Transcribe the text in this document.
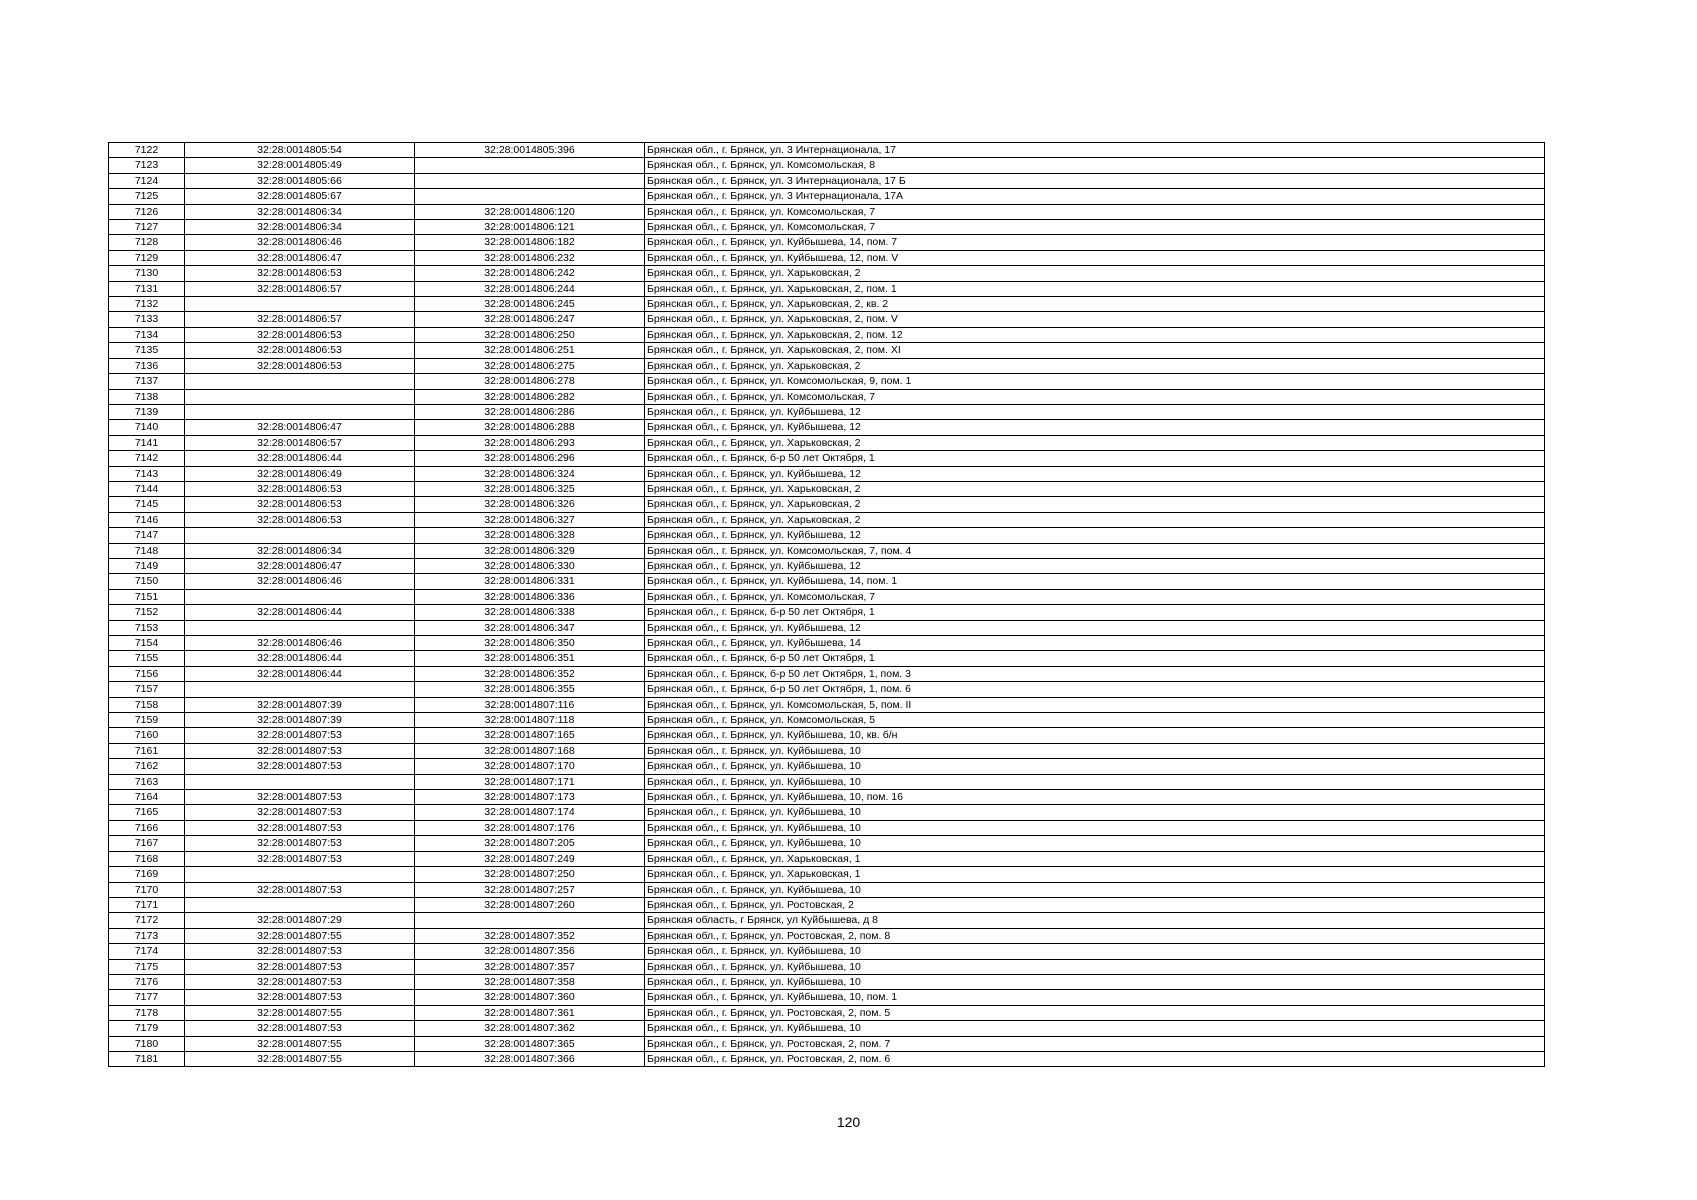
7122	32:28:0014805:54	32:28:0014805:396	Брянская обл., г. Брянск, ул. 3 Интернационала, 17
7123	32:28:0014805:49		Брянская обл., г. Брянск, ул. Комсомольская, 8
7124	32:28:0014805:66		Брянская обл., г. Брянск, ул. 3 Интернационала, 17 Б
7125	32:28:0014805:67		Брянская обл., г. Брянск, ул. 3 Интернационала, 17А
7126	32:28:0014806:34	32:28:0014806:120	Брянская обл., г. Брянск, ул. Комсомольская, 7
7127	32:28:0014806:34	32:28:0014806:121	Брянская обл., г. Брянск, ул. Комсомольская, 7
7128	32:28:0014806:46	32:28:0014806:182	Брянская обл., г. Брянск, ул. Куйбышева, 14, пом. 7
7129	32:28:0014806:47	32:28:0014806:232	Брянская обл., г. Брянск, ул. Куйбышева, 12, пом. V
7130	32:28:0014806:53	32:28:0014806:242	Брянская обл., г. Брянск, ул. Харьковская, 2
7131	32:28:0014806:57	32:28:0014806:244	Брянская обл., г. Брянск, ул. Харьковская, 2, пом. 1
7132		32:28:0014806:245	Брянская обл., г. Брянск, ул. Харьковская, 2, кв. 2
7133	32:28:0014806:57	32:28:0014806:247	Брянская обл., г. Брянск, ул. Харьковская, 2, пом. V
7134	32:28:0014806:53	32:28:0014806:250	Брянская обл., г. Брянск, ул. Харьковская, 2, пом. 12
7135	32:28:0014806:53	32:28:0014806:251	Брянская обл., г. Брянск, ул. Харьковская, 2, пом. XI
7136	32:28:0014806:53	32:28:0014806:275	Брянская обл., г. Брянск, ул. Харьковская, 2
7137		32:28:0014806:278	Брянская обл., г. Брянск, ул. Комсомольская, 9, пом. 1
7138		32:28:0014806:282	Брянская обл., г. Брянск, ул. Комсомольская, 7
7139		32:28:0014806:286	Брянская обл., г. Брянск, ул. Куйбышева, 12
7140	32:28:0014806:47	32:28:0014806:288	Брянская обл., г. Брянск, ул. Куйбышева, 12
7141	32:28:0014806:57	32:28:0014806:293	Брянская обл., г. Брянск, ул. Харьковская, 2
7142	32:28:0014806:44	32:28:0014806:296	Брянская обл., г. Брянск, б-р 50 лет Октября, 1
7143	32:28:0014806:49	32:28:0014806:324	Брянская обл., г. Брянск, ул. Куйбышева, 12
7144	32:28:0014806:53	32:28:0014806:325	Брянская обл., г. Брянск, ул. Харьковская, 2
7145	32:28:0014806:53	32:28:0014806:326	Брянская обл., г. Брянск, ул. Харьковская, 2
7146	32:28:0014806:53	32:28:0014806:327	Брянская обл., г. Брянск, ул. Харьковская, 2
7147		32:28:0014806:328	Брянская обл., г. Брянск, ул. Куйбышева, 12
7148	32:28:0014806:34	32:28:0014806:329	Брянская обл., г. Брянск, ул. Комсомольская, 7, пом. 4
7149	32:28:0014806:47	32:28:0014806:330	Брянская обл., г. Брянск, ул. Куйбышева, 12
7150	32:28:0014806:46	32:28:0014806:331	Брянская обл., г. Брянск, ул. Куйбышева, 14, пом. 1
7151		32:28:0014806:336	Брянская обл., г. Брянск, ул. Комсомольская, 7
7152	32:28:0014806:44	32:28:0014806:338	Брянская обл., г. Брянск, б-р 50 лет Октября, 1
7153		32:28:0014806:347	Брянская обл., г. Брянск, ул. Куйбышева, 12
7154	32:28:0014806:46	32:28:0014806:350	Брянская обл., г. Брянск, ул. Куйбышева, 14
7155	32:28:0014806:44	32:28:0014806:351	Брянская обл., г. Брянск, б-р 50 лет Октября, 1
7156	32:28:0014806:44	32:28:0014806:352	Брянская обл., г. Брянск, б-р 50 лет Октября, 1, пом. 3
7157		32:28:0014806:355	Брянская обл., г. Брянск, б-р 50 лет Октября, 1, пом. 6
7158	32:28:0014807:39	32:28:0014807:116	Брянская обл., г. Брянск, ул. Комсомольская, 5, пом. II
7159	32:28:0014807:39	32:28:0014807:118	Брянская обл., г. Брянск, ул. Комсомольская, 5
7160	32:28:0014807:53	32:28:0014807:165	Брянская обл., г. Брянск, ул. Куйбышева, 10, кв. б/н
7161	32:28:0014807:53	32:28:0014807:168	Брянская обл., г. Брянск, ул. Куйбышева, 10
7162	32:28:0014807:53	32:28:0014807:170	Брянская обл., г. Брянск, ул. Куйбышева, 10
7163		32:28:0014807:171	Брянская обл., г. Брянск, ул. Куйбышева, 10
7164	32:28:0014807:53	32:28:0014807:173	Брянская обл., г. Брянск, ул. Куйбышева, 10, пом. 16
7165	32:28:0014807:53	32:28:0014807:174	Брянская обл., г. Брянск, ул. Куйбышева, 10
7166	32:28:0014807:53	32:28:0014807:176	Брянская обл., г. Брянск, ул. Куйбышева, 10
7167	32:28:0014807:53	32:28:0014807:205	Брянская обл., г. Брянск, ул. Куйбышева, 10
7168	32:28:0014807:53	32:28:0014807:249	Брянская обл., г. Брянск, ул. Харьковская, 1
7169		32:28:0014807:250	Брянская обл., г. Брянск, ул. Харьковская, 1
7170	32:28:0014807:53	32:28:0014807:257	Брянская обл., г. Брянск, ул. Куйбышева, 10
7171		32:28:0014807:260	Брянская обл., г. Брянск, ул. Ростовская, 2
7172	32:28:0014807:29		Брянская область, г Брянск, ул Куйбышева, д 8
7173	32:28:0014807:55	32:28:0014807:352	Брянская обл., г. Брянск, ул. Ростовская, 2, пом. 8
7174	32:28:0014807:53	32:28:0014807:356	Брянская обл., г. Брянск, ул. Куйбышева, 10
7175	32:28:0014807:53	32:28:0014807:357	Брянская обл., г. Брянск, ул. Куйбышева, 10
7176	32:28:0014807:53	32:28:0014807:358	Брянская обл., г. Брянск, ул. Куйбышева, 10
7177	32:28:0014807:53	32:28:0014807:360	Брянская обл., г. Брянск, ул. Куйбышева, 10, пом. 1
7178	32:28:0014807:55	32:28:0014807:361	Брянская обл., г. Брянск, ул. Ростовская, 2, пом. 5
7179	32:28:0014807:53	32:28:0014807:362	Брянская обл., г. Брянск, ул. Куйбышева, 10
7180	32:28:0014807:55	32:28:0014807:365	Брянская обл., г. Брянск, ул. Ростовская, 2, пом. 7
7181	32:28:0014807:55	32:28:0014807:366	Брянская обл., г. Брянск, ул. Ростовская, 2, пом. 6
120
